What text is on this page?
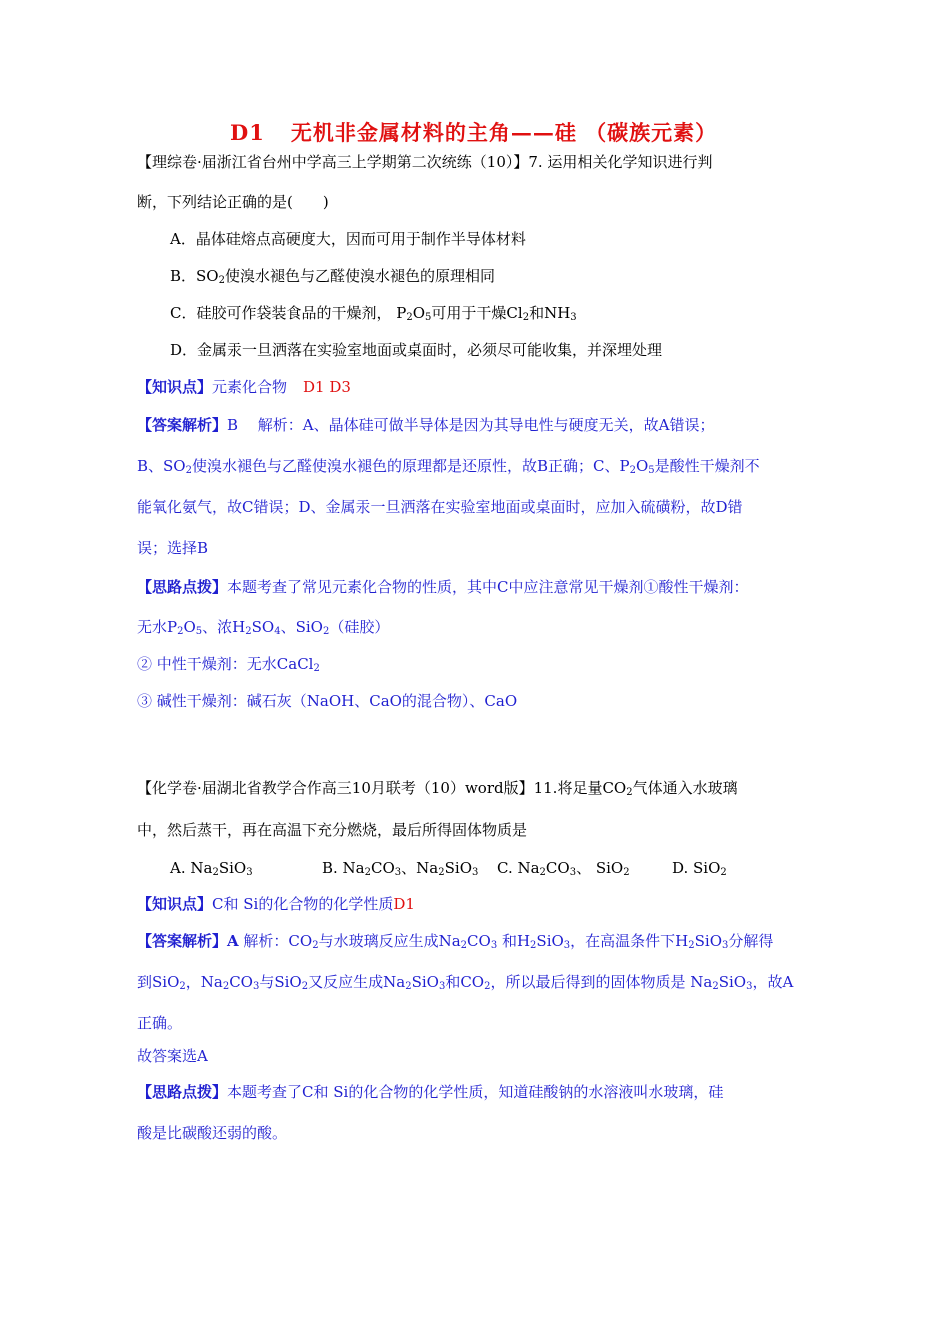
D1 无机非金属材料的主角——硅 （碳族元素）
【理综卷·届浙江省台州中学高三上学期第二次统练（10）】7. 运用相关化学知识进行判
断，下列结论正确的是(　　)
A．晶体硅熔点高硬度大，因而可用于制作半导体材料
B．$SO_2$使溴水褪色与乙醛使溴水褪色的原理相同
C．硅胶可作袋装食品的干燥剂， $P_2O_5$可用于干燥$Cl_2$和$NH_3$
D．金属汞一旦洒落在实验室地面或桌面时，必须尽可能收集，并深埋处理
【知识点】元素化合物 D1 D3
【答案解析】B　 解析：A、晶体硅可做半导体是因为其导电性与硬度无关，故A错误；
B、$SO_2$使溴水褪色与乙醛使溴水褪色的原理都是还原性，故B正确；C、$P_2O_5$是酸性干燥剂不
能氧化氨气，故C错误；D、金属汞一旦洒落在实验室地面或桌面时，应加入硫磺粉，故D错
误；选择B
【思路点拨】本题考查了常见元素化合物的性质，其中C中应注意常见干燥剂①酸性干燥剂：
无水$P_2O_5$、浓$H_2SO_4$、SiO$_2$（硅胶）
② 中性干燥剂：无水CaCl$_2$
③ 碱性干燥剂：碱石灰（NaOH、CaO的混合物）、CaO
【化学卷·届湖北省教学合作高三10月联考（10）word版】11.将足量$CO_2$气体通入水玻璃
中，然后蒸干，再在高温下充分燃烧，最后所得固体物质是
A. $Na_2SiO_3$	B. $Na_2CO_3$、$Na_2SiO_3$ C. $Na_2CO_3$、 SiO$_2$	D. SiO$_2$
【知识点】C和 Si的化合物的化学性质D1
【答案解析】A 解析：$CO_2$与水玻璃反应生成$Na_2CO_3$ 和$H_2SiO_3$，在高温条件下$H_2SiO_3$分解得
到SiO$_2$，$Na_2CO_3$与SiO$_2$又反应生成$Na_2SiO_3$和$CO_2$，所以最后得到的固体物质是 $Na_2SiO_3$，故A
正确。
故答案选A
【思路点拨】本题考查了C和 Si的化合物的化学性质，知道硅酸钠的水溶液叫水玻璃，硅
酸是比碳酸还弱的酸。
